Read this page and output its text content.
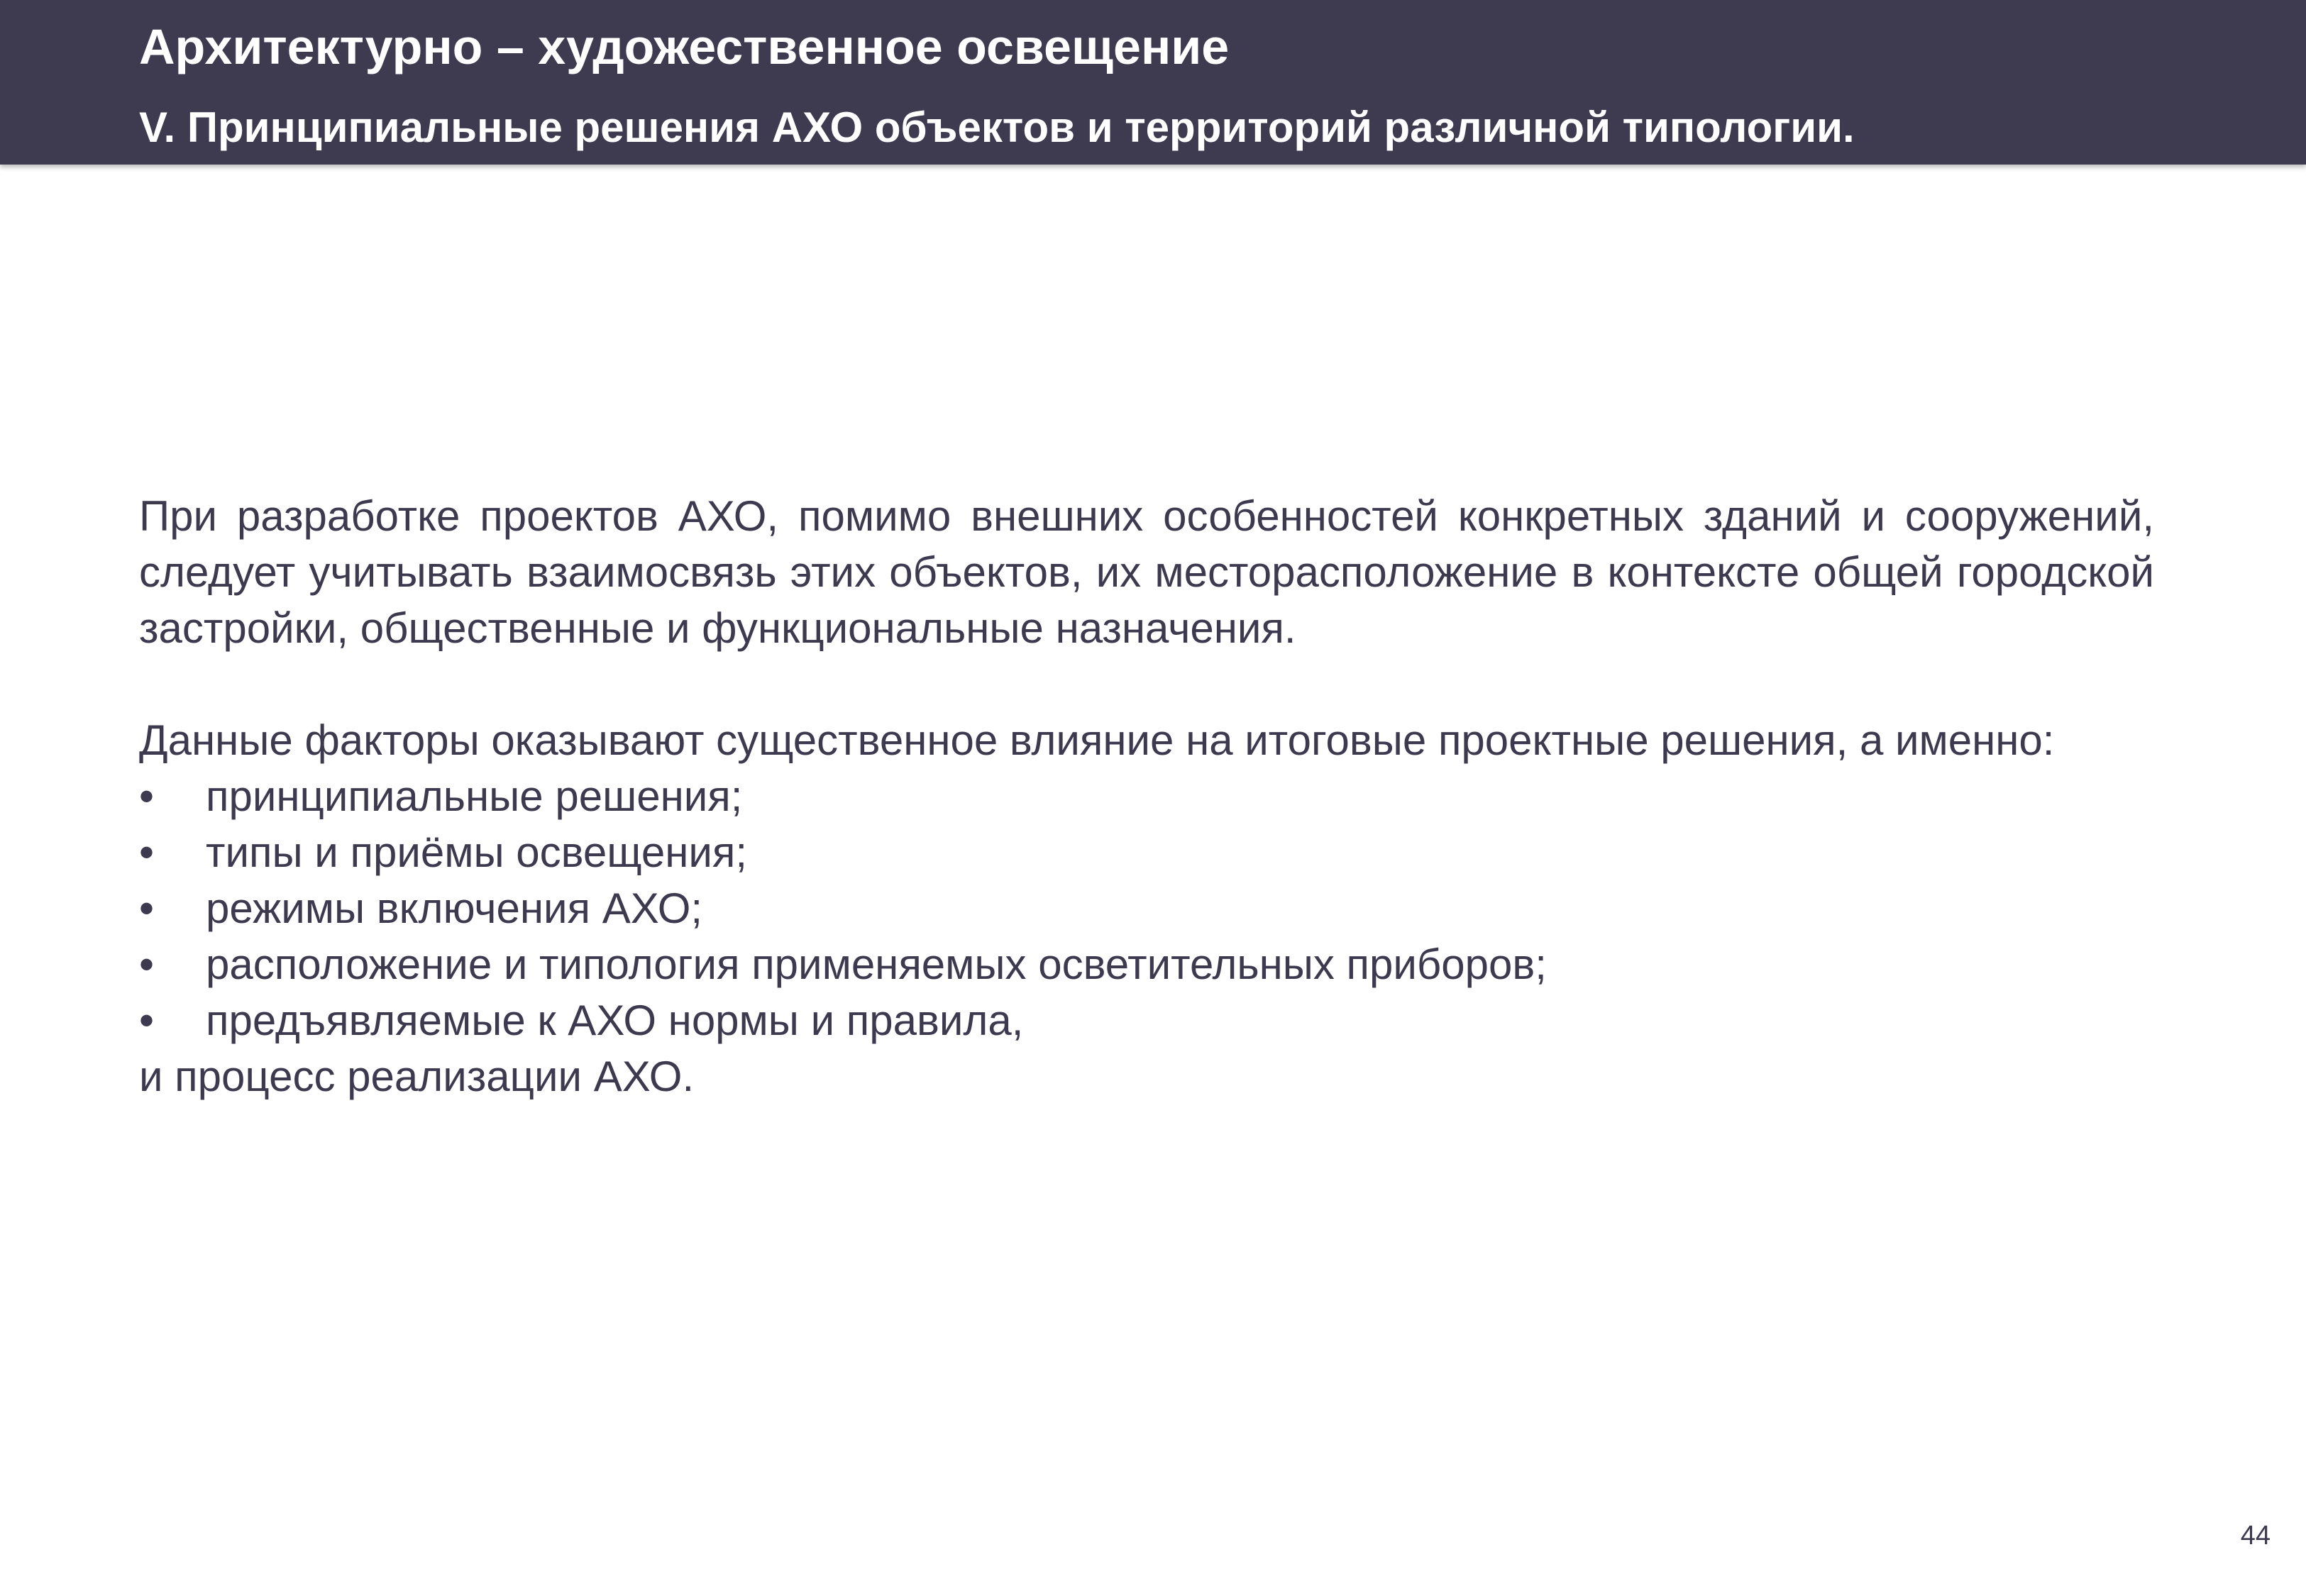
Архитектурно – художественное освещение
V. Принципиальные решения АХО объектов и территорий различной типологии.

При разработке проектов АХО, помимо внешних особенностей конкретных зданий и сооружений, следует учитывать взаимосвязь этих объектов, их месторасположение в контексте общей городской застройки, общественные и функциональные назначения.

Данные факторы оказывают существенное влияние на итоговые проектные решения, а именно:

• принципиальные решения;
• типы и приёмы освещения;
• режимы включения АХО;
• расположение и типология применяемых осветительных приборов;
• предъявляемые к АХО нормы и правила,

и процесс реализации АХО.

44
